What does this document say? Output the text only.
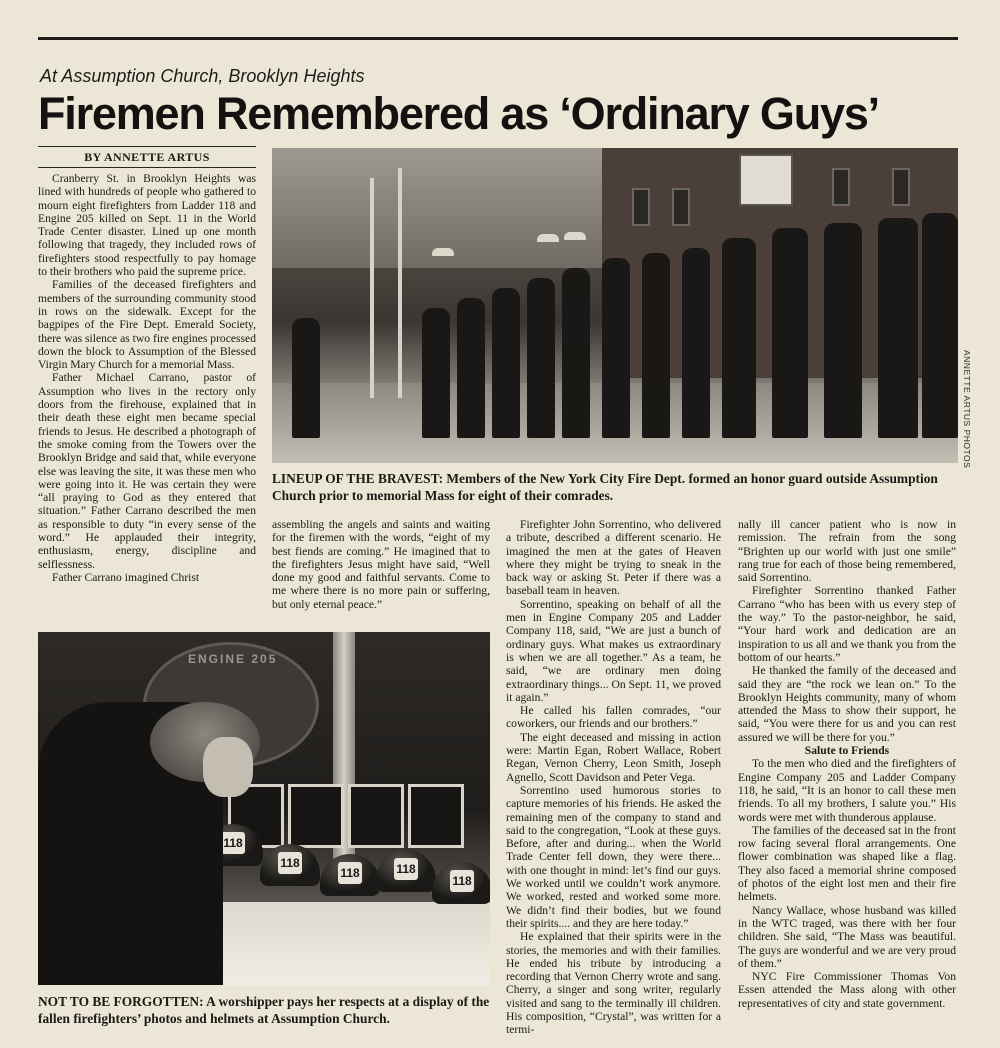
At Assumption Church, Brooklyn Heights
Firemen Remembered as ‘Ordinary Guys’
BY ANNETTE ARTUS

Cranberry St. in Brooklyn Heights was lined with hundreds of people who gathered to mourn eight firefighters from Ladder 118 and Engine 205 killed on Sept. 11 in the World Trade Center disaster. Lined up one month following that tragedy, they included rows of firefighters stood respectfully to pay homage to their brothers who paid the supreme price.

Families of the deceased firefighters and members of the surrounding community stood in rows on the sidewalk. Except for the bagpipes of the Fire Dept. Emerald Society, there was silence as two fire engines processed down the block to Assumption of the Blessed Virgin Mary Church for a memorial Mass.

Father Michael Carrano, pastor of Assumption who lives in the rectory only doors from the firehouse, explained that in their death these eight men became special friends to Jesus. He described a photograph of the smoke coming from the Towers over the Brooklyn Bridge and said that, while everyone else was leaving the site, it was these men who were going into it. He was certain they were “all praying to God as they entered that situation.” Father Carrano described the men as responsible to duty “in every sense of the word.” He applauded their integrity, enthusiasm, energy, discipline and selflessness.

Father Carrano imagined Christ

ANNETTE ARTUS PHOTOS
LINEUP OF THE BRAVEST: Members of the New York City Fire Dept. formed an honor guard outside Assumption Church prior to memorial Mass for eight of their comrades.

assembling the angels and saints and waiting for the firemen with the words, “eight of my best fiends are coming.” He imagined that to the firefighters Jesus might have said, “Well done my good and faithful servants. Come to me where there is no more pain or suffering, but only eternal peace.”

Firefighter John Sorrentino, who delivered a tribute, described a different scenario. He imagined the men at the gates of Heaven where they might be trying to sneak in the back way or asking St. Peter if there was a baseball team in heaven.

Sorrentino, speaking on behalf of all the men in Engine Company 205 and Ladder Company 118, said, “We are just a bunch of ordinary guys. What makes us extraordinary is when we are all together.” As a team, he said, “we are ordinary men doing extraordinary things... On Sept. 11, we proved it again.”

He called his fallen comrades, “our coworkers, our friends and our brothers.”

The eight deceased and missing in action were: Martin Egan, Robert Wallace, Robert Regan, Vernon Cherry, Leon Smith, Joseph Agnello, Scott Davidson and Peter Vega.

Sorrentino used humorous stories to capture memories of his friends. He asked the remaining men of the company to stand and said to the congregation, “Look at these guys. Before, after and during... when the World Trade Center fell down, they were there... with one thought in mind: let’s find our guys. We worked until we couldn’t work anymore. We worked, rested and worked some more. We didn’t find their bodies, but we found their spirits.... and they are here today.”

He explained that their spirits were in the stories, the memories and with their families. He ended his tribute by introducing a recording that Vernon Cherry wrote and sang. Cherry, a singer and song writer, regularly visited and sang to the terminally ill children. His composition, “Crystal”, was written for a termi-

nally ill cancer patient who is now in remission. The refrain from the song “Brighten up our world with just one smile” rang true for each of those being remembered, said Sorrentino.

Firefighter Sorrentino thanked Father Carrano “who has been with us every step of the way.” To the pastor-neighbor, he said, “Your hard work and dedication are an inspiration to us all and we thank you from the bottom of our hearts.”

He thanked the family of the deceased and said they are “the rock we lean on.” To the Brooklyn Heights community, many of whom attended the Mass to show their support, he said, “You were there for us and you can rest assured we will be there for you.”

Salute to Friends

To the men who died and the firefighters of Engine Company 205 and Ladder Company 118, he said, “It is an honor to call these men friends. To all my brothers, I salute you.” His words were met with thunderous applause.

The families of the deceased sat in the front row facing several floral arrangements. One flower combination was shaped like a flag. They also faced a memorial shrine composed of photos of the eight lost men and their fire helmets.

Nancy Wallace, whose husband was killed in the WTC traged, was there with her four children. She said, “The Mass was beautiful. The guys are wonderful and we are very proud of them.”

NYC Fire Commissioner Thomas Von Essen attended the Mass along with other representatives of city and state government.

ENGINE 205
118
118
118	118
118
NOT TO BE FORGOTTEN: A worshipper pays her respects at a display of the fallen firefighters’ photos and helmets at Assumption Church.
